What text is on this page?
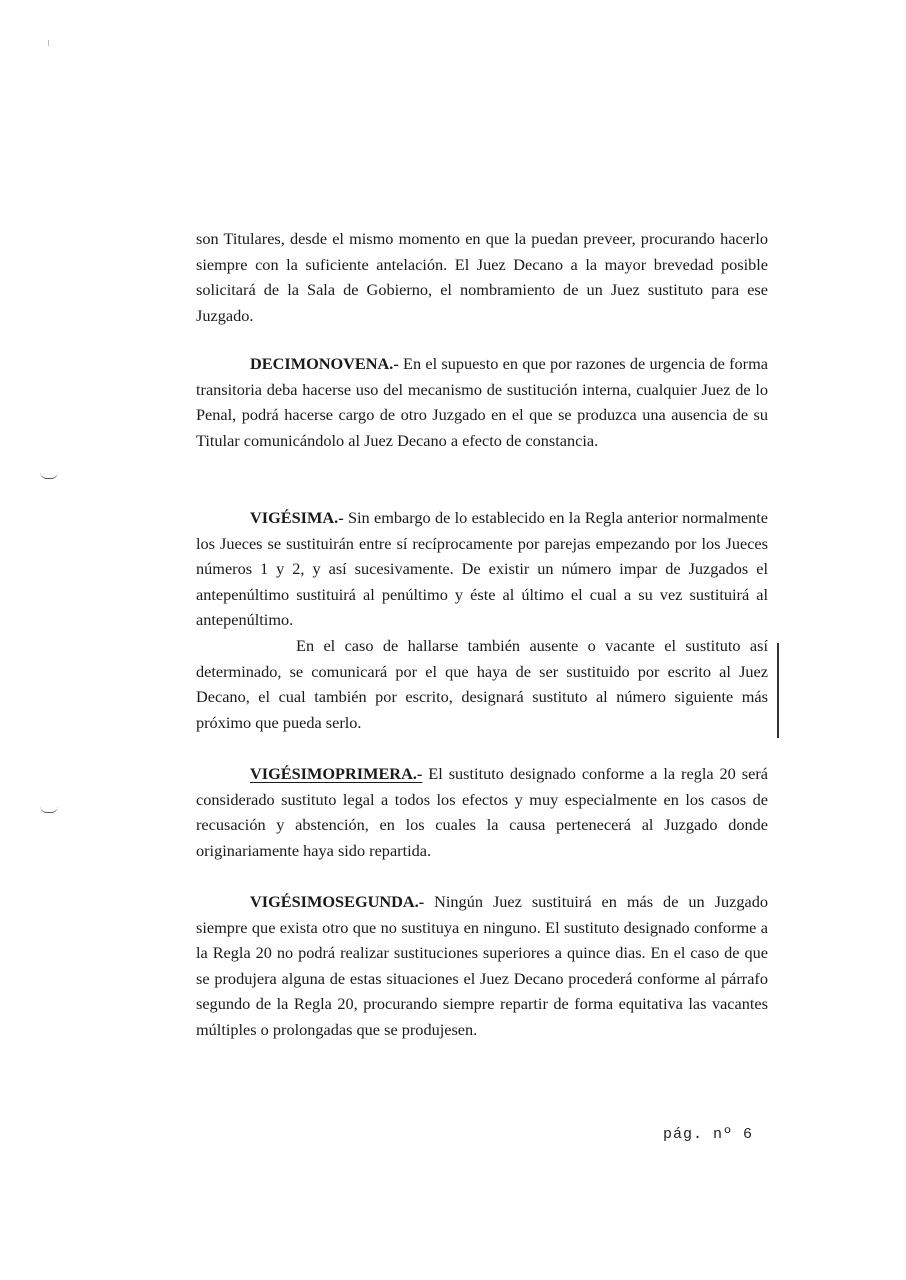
son Titulares, desde el mismo momento en que la puedan preveer, procurando hacerlo siempre con la suficiente antelación. El Juez Decano a la mayor brevedad posible solicitará de la Sala de Gobierno, el nombramiento de un Juez sustituto para ese Juzgado.

DECIMONOVENA.- En el supuesto en que por razones de urgencia de forma transitoria deba hacerse uso del mecanismo de sustitución interna, cualquier Juez de lo Penal, podrá hacerse cargo de otro Juzgado en el que se produzca una ausencia de su Titular comunicándolo al Juez Decano a efecto de constancia.

VIGÉSIMA.- Sin embargo de lo establecido en la Regla anterior normalmente los Jueces se sustituirán entre sí recíprocamente por parejas empezando por los Jueces números 1 y 2, y así sucesivamente. De existir un número impar de Juzgados el antepenúltimo sustituirá al penúltimo y éste al último el cual a su vez sustituirá al antepenúltimo.

En el caso de hallarse también ausente o vacante el sustituto así determinado, se comunicará por el que haya de ser sustituido por escrito al Juez Decano, el cual también por escrito, designará sustituto al número siguiente más próximo que pueda serlo.

VIGÉSIMOPRIMERA.- El sustituto designado conforme a la regla 20 será considerado sustituto legal a todos los efectos y muy especialmente en los casos de recusación y abstención, en los cuales la causa pertenecerá al Juzgado donde originariamente haya sido repartida.

VIGÉSIMOSEGUNDA.- Ningún Juez sustituirá en más de un Juzgado siempre que exista otro que no sustituya en ninguno. El sustituto designado conforme a la Regla 20 no podrá realizar sustituciones superiores a quince dias. En el caso de que se produjera alguna de estas situaciones el Juez Decano procederá conforme al párrafo segundo de la Regla 20, procurando siempre repartir de forma equitativa las vacantes múltiples o prolongadas que se produjesen.

pág. nº 6
